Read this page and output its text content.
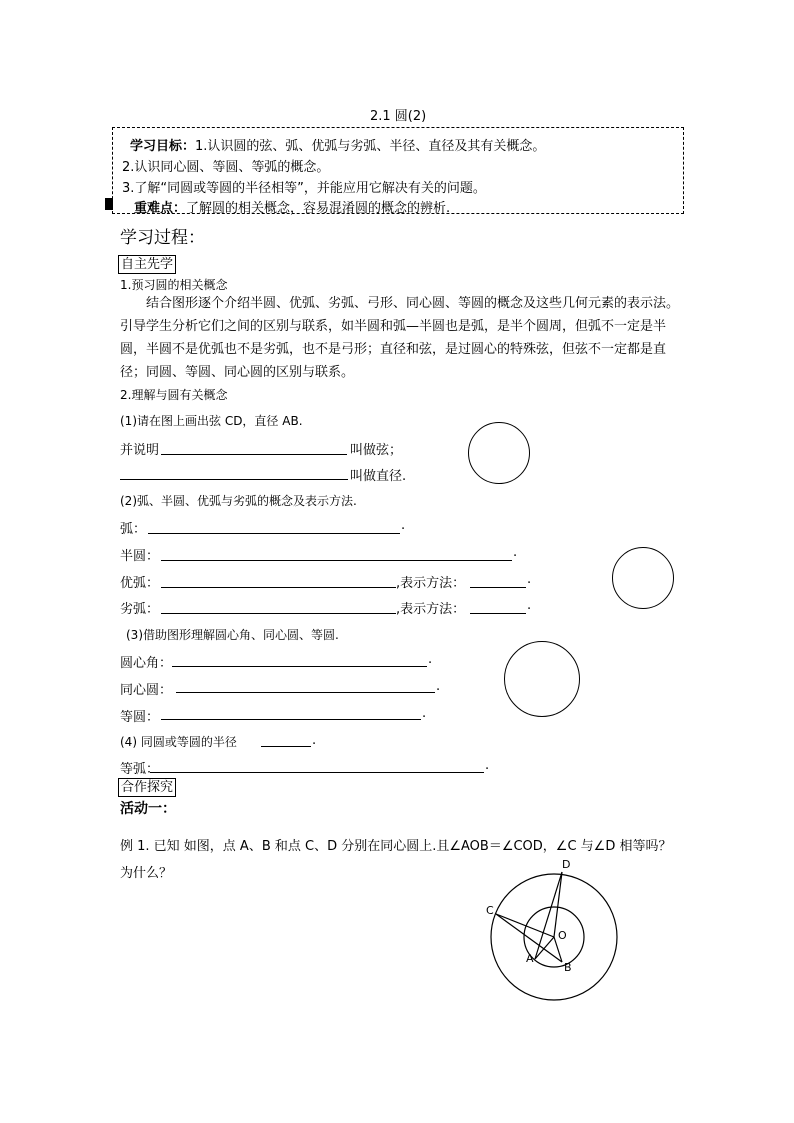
2.1 圆(2)
学习目标：1.认识圆的弦、弧、优弧与劣弧、半径、直径及其有关概念。
2.认识同心圆、等圆、等弧的概念。
3.了解“同圆或等圆的半径相等”，并能应用它解决有关的问题。
重难点：了解圆的相关概念，容易混淆圆的概念的辨析.
学习过程：
自主先学
1.预习圆的相关概念
结合图形逐个介绍半圆、优弧、劣弧、弓形、同心圆、等圆的概念及这些几何元素的表示法。引导学生分析它们之间的区别与联系，如半圆和弧—半圆也是弧，是半个圆周，但弧不一定是半圆，半圆不是优弧也不是劣弧，也不是弓形；直径和弦，是过圆心的特殊弦，但弦不一定都是直径；同圆、等圆、同心圆的区别与联系。
2.理解与圆有关概念
(1)请在图上画出弦 CD，直径 AB.
并说明	叫做弦；
叫做直径.
(2)弧、半圆、优弧与劣弧的概念及表示方法.
弧：	.
半圆：	.
优弧：	,表示方法：	.
劣弧：	,表示方法：	.
(3)借助图形理解圆心角、同心圆、等圆.
圆心角：	.
同心圆：	.
等圆：	.
(4) 同圆或等圆的半径	.
等弧：	.
合作探究
活动一：
例 1. 已知 如图，点 A、B 和点 C、D 分别在同心圆上.且∠AOB＝∠COD，∠C 与∠D 相等吗？
为什么？
D
C
O
A
B
